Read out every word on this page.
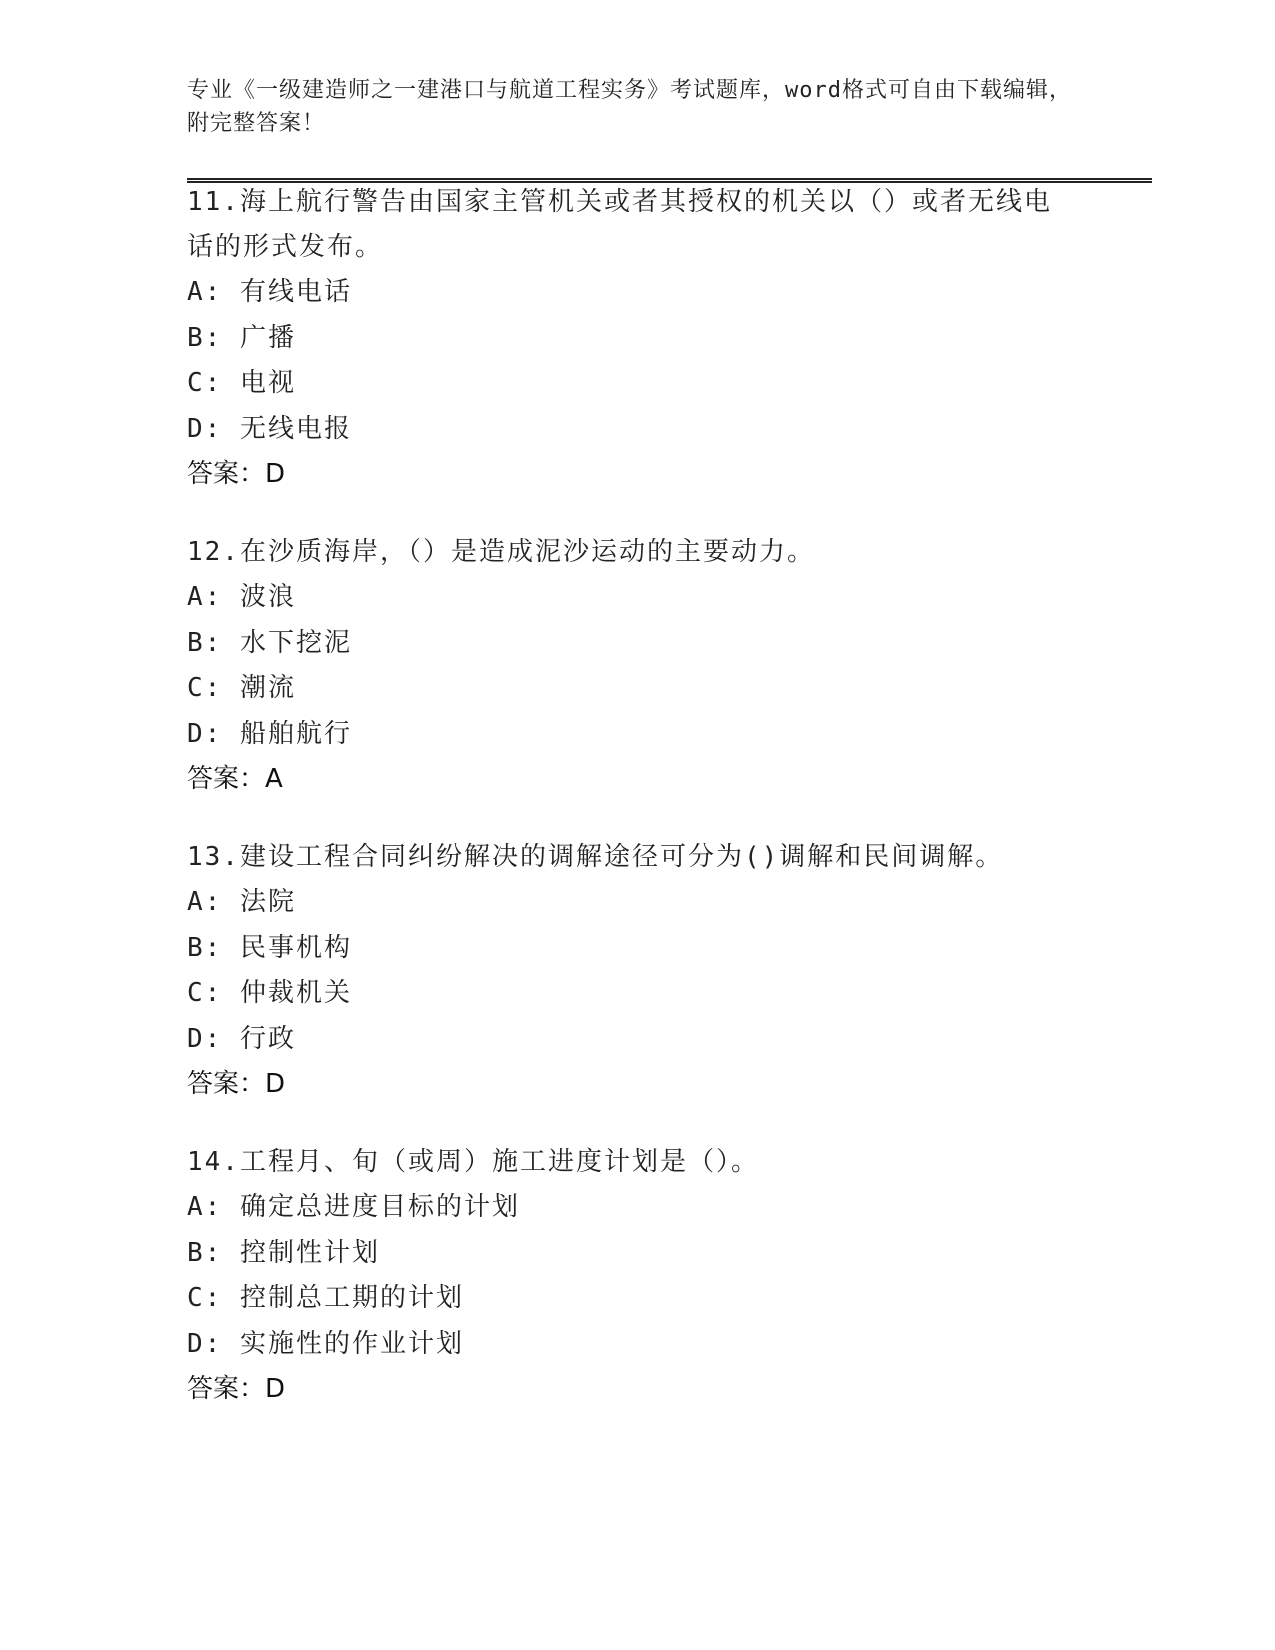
专业《一级建造师之一建港口与航道工程实务》考试题库，word格式可自由下载编辑，附完整答案！

11.海上航行警告由国家主管机关或者其授权的机关以（）或者无线电话的形式发布。

A: 有线电话

B: 广播

C: 电视

D: 无线电报

答案：D

12.在沙质海岸，（）是造成泥沙运动的主要动力。

A: 波浪

B: 水下挖泥

C: 潮流

D: 船舶航行

答案：A

13.建设工程合同纠纷解决的调解途径可分为()调解和民间调解。

A: 法院

B: 民事机构

C: 仲裁机关

D: 行政

答案：D

14.工程月、旬（或周）施工进度计划是（）。

A: 确定总进度目标的计划

B: 控制性计划

C: 控制总工期的计划

D: 实施性的作业计划

答案：D
